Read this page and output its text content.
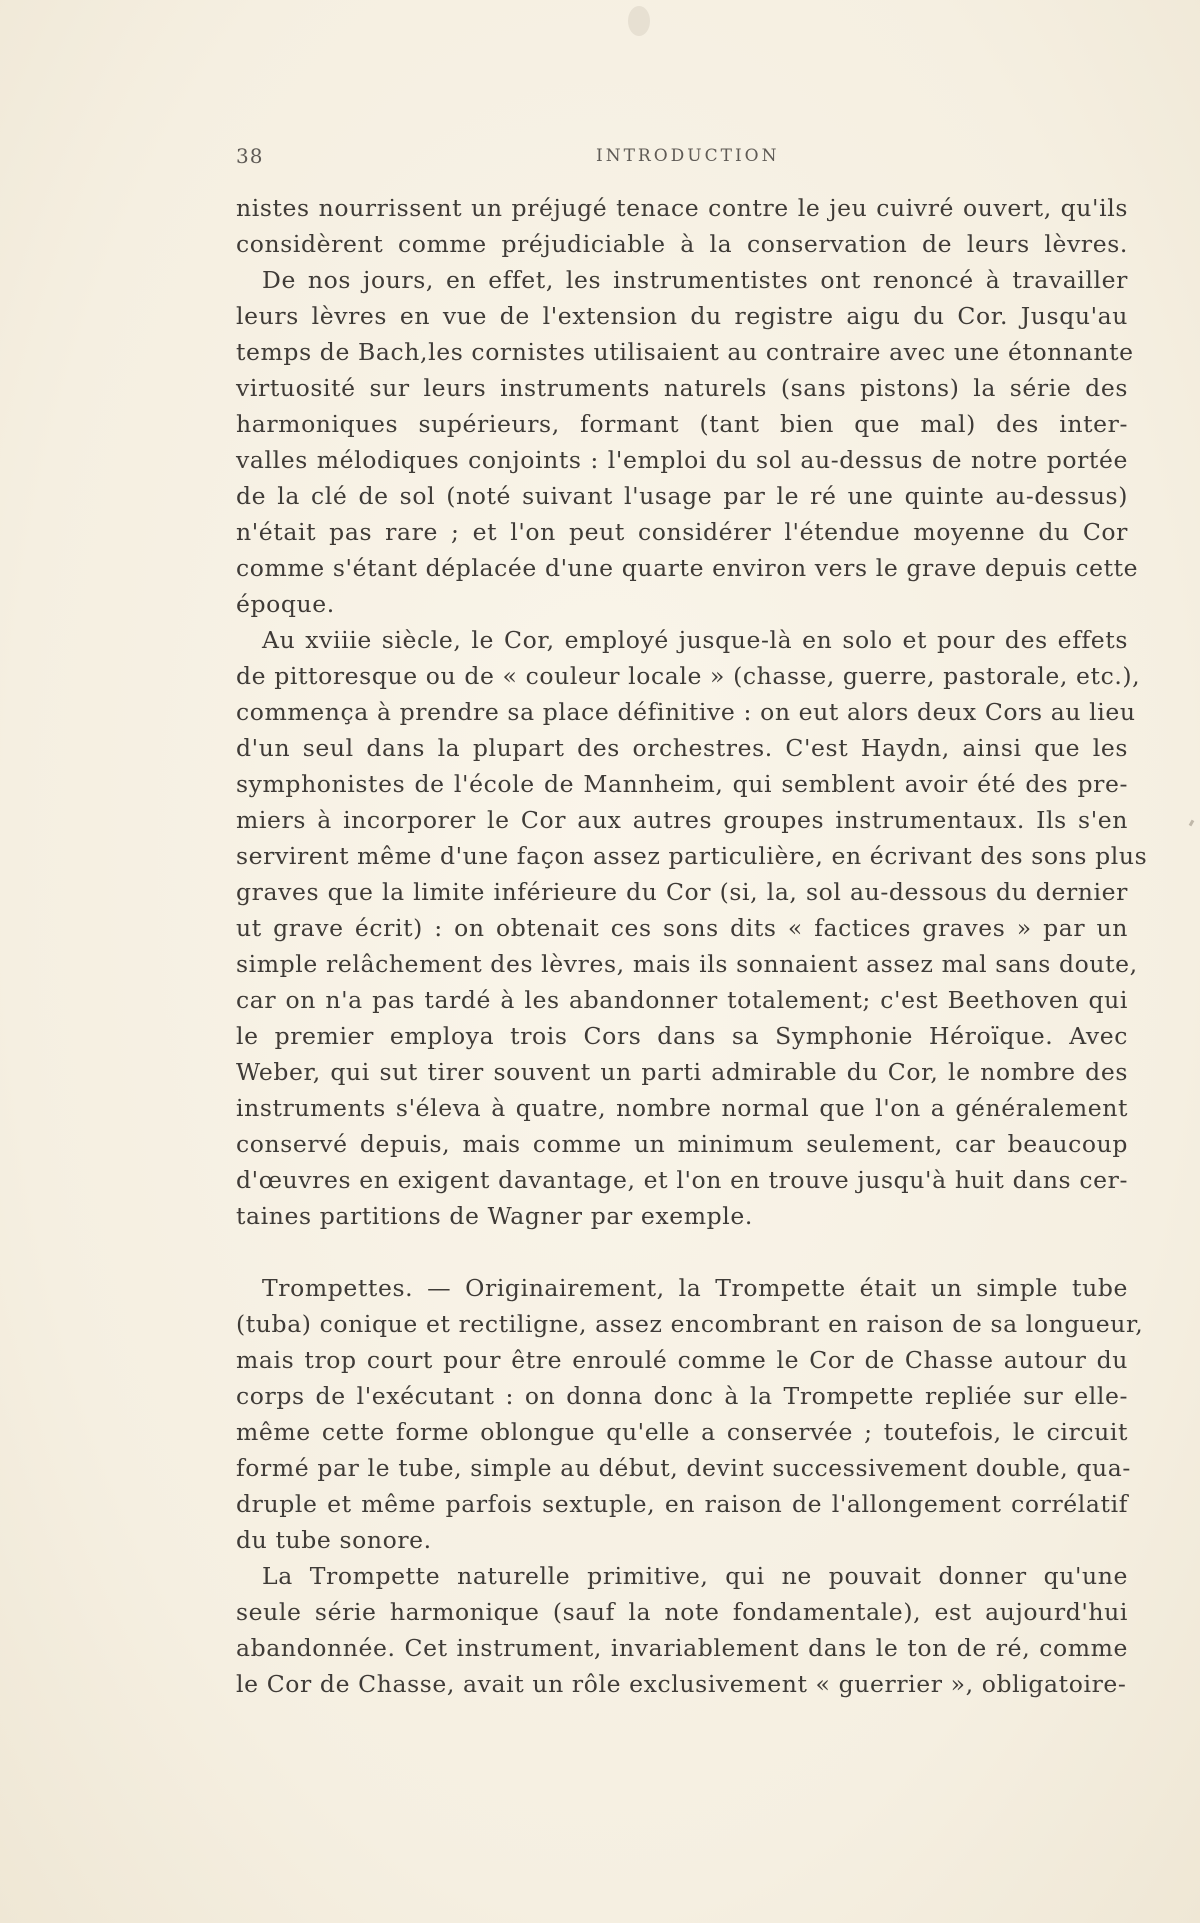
38	INTRODUCTION
nistes nourrissent un préjugé tenace contre le jeu cuivré ouvert, qu'ils
considèrent comme préjudiciable à la conservation de leurs lèvres.
De nos jours, en effet, les instrumentistes ont renoncé à travailler
leurs lèvres en vue de l'extension du registre aigu du Cor. Jusqu'au
temps de Bach,les cornistes utilisaient au contraire avec une étonnante
virtuosité sur leurs instruments naturels (sans pistons) la série des
harmoniques supérieurs, formant (tant bien que mal) des inter-
valles mélodiques conjoints : l'emploi du sol au-dessus de notre portée
de la clé de sol (noté suivant l'usage par le ré une quinte au-dessus)
n'était pas rare ; et l'on peut considérer l'étendue moyenne du Cor
comme s'étant déplacée d'une quarte environ vers le grave depuis cette
époque.
Au xviiie siècle, le Cor, employé jusque-là en solo et pour des effets
de pittoresque ou de « couleur locale » (chasse, guerre, pastorale, etc.),
commença à prendre sa place définitive : on eut alors deux Cors au lieu
d'un seul dans la plupart des orchestres. C'est Haydn, ainsi que les
symphonistes de l'école de Mannheim, qui semblent avoir été des pre-
miers à incorporer le Cor aux autres groupes instrumentaux. Ils s'en
servirent même d'une façon assez particulière, en écrivant des sons plus
graves que la limite inférieure du Cor (si, la, sol au-dessous du dernier
ut grave écrit) : on obtenait ces sons dits « factices graves » par un
simple relâchement des lèvres, mais ils sonnaient assez mal sans doute,
car on n'a pas tardé à les abandonner totalement; c'est Beethoven qui
le premier employa trois Cors dans sa Symphonie Héroïque. Avec
Weber, qui sut tirer souvent un parti admirable du Cor, le nombre des
instruments s'éleva à quatre, nombre normal que l'on a généralement
conservé depuis, mais comme un minimum seulement, car beaucoup
d'œuvres en exigent davantage, et l'on en trouve jusqu'à huit dans cer-
taines partitions de Wagner par exemple.
Trompettes. — Originairement, la Trompette était un simple tube
(tuba) conique et rectiligne, assez encombrant en raison de sa longueur,
mais trop court pour être enroulé comme le Cor de Chasse autour du
corps de l'exécutant : on donna donc à la Trompette repliée sur elle-
même cette forme oblongue qu'elle a conservée ; toutefois, le circuit
formé par le tube, simple au début, devint successivement double, qua-
druple et même parfois sextuple, en raison de l'allongement corrélatif
du tube sonore.
La Trompette naturelle primitive, qui ne pouvait donner qu'une
seule série harmonique (sauf la note fondamentale), est aujourd'hui
abandonnée. Cet instrument, invariablement dans le ton de ré, comme
le Cor de Chasse, avait un rôle exclusivement « guerrier », obligatoire-
